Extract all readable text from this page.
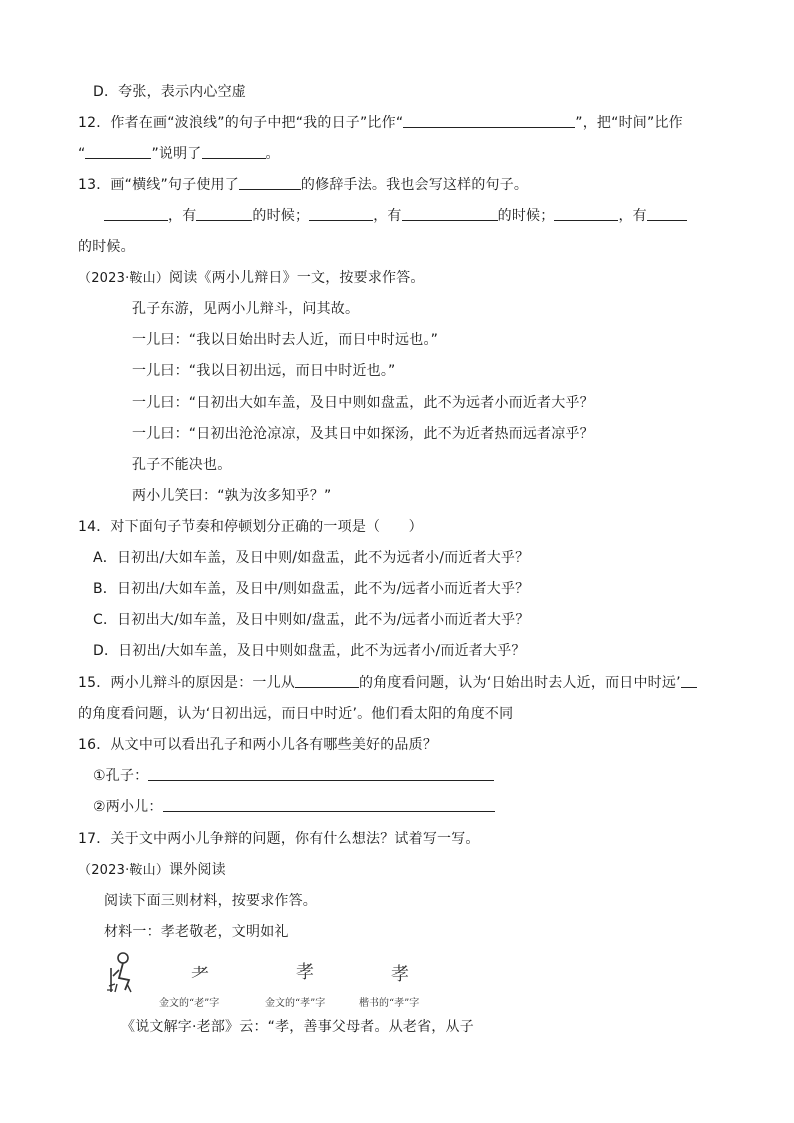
D．夸张，表示内心空虚
12．作者在画“波浪线”的句子中把“我的日子”比作“	”，把“时间”比作
“	”说明了	。
13．画“横线”句子使用了	的修辞手法。我也会写这样的句子。
，有	的时候；	，有	的时候；	，有
的时候。
（2023·鞍山）阅读《两小儿辩日》一文，按要求作答。
孔子东游，见两小儿辩斗，问其故。
一儿曰：“我以日始出时去人近，而日中时远也。”
一儿曰：“我以日初出远，而日中时近也。”
一儿曰：“日初出大如车盖，及日中则如盘盂，此不为远者小而近者大乎？
一儿曰：“日初出沧沧凉凉，及其日中如探汤，此不为近者热而远者凉乎？
孔子不能决也。
两小儿笑曰：“孰为汝多知乎？”
14．对下面句子节奏和停顿划分正确的一项是（　　）
A．日初出/大如车盖，及日中则/如盘盂，此不为远者小/而近者大乎？
B．日初出/大如车盖，及日中/则如盘盂，此不为/远者小而近者大乎？
C．日初出大/如车盖，及日中则如/盘盂，此不为/远者小而近者大乎？
D．日初出/大如车盖，及日中则如盘盂，此不为远者小/而近者大乎？
15．两小儿辩斗的原因是：一儿从	的角度看问题，认为‘日始出时去人近，而日中时远’
的角度看问题，认为‘日初出远，而日中时近’。他们看太阳的角度不同
16．从文中可以看出孔子和两小儿各有哪些美好的品质？
①孔子：
②两小儿：
17．关于文中两小儿争辩的问题，你有什么想法？试着写一写。
（2023·鞍山）课外阅读
阅读下面三则材料，按要求作答。
材料一：孝老敬老，文明如礼
耂	孝	孝
金文的“老”字	金文的“孝”字	楷书的“孝”字
《说文解字·老部》云：“孝，善事父母者。从老省，从子
